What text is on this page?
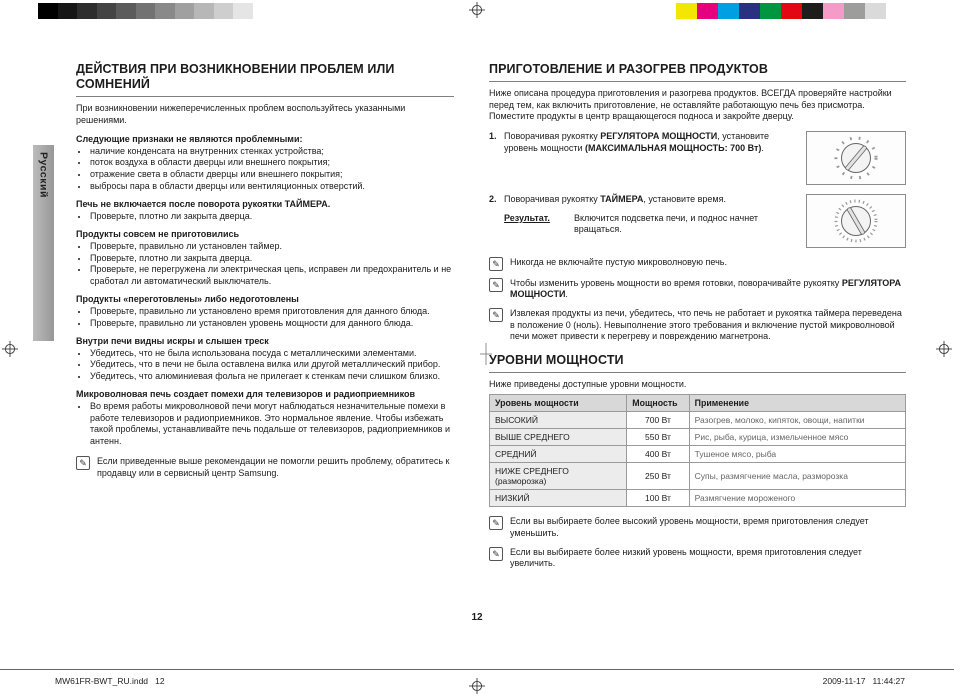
Русский
ДЕЙСТВИЯ ПРИ ВОЗНИКНОВЕНИИ ПРОБЛЕМ ИЛИ СОМНЕНИЙ

При возникновении нижеперечисленных проблем воспользуйтесь указанными решениями.

Следующие признаки не являются проблемными:
• наличие конденсата на внутренних стенках устройства;
• поток воздуха в области дверцы или внешнего покрытия;
• отражение света в области дверцы или внешнего покрытия;
• выбросы пара в области дверцы или вентиляционных отверстий.
Печь не включается после поворота рукоятки ТАЙМЕРА.
• Проверьте, плотно ли закрыта дверца.
Продукты совсем не приготовились
• Проверьте, правильно ли установлен таймер.
• Проверьте, плотно ли закрыта дверца.
• Проверьте, не перегружена ли электрическая цепь, исправен ли предохранитель и не сработал ли автоматический выключатель.
Продукты «переготовлены» либо недоготовлены
• Проверьте, правильно ли установлено время приготовления для данного блюда.
• Проверьте, правильно ли установлен уровень мощности для данного блюда.
Внутри печи видны искры и слышен треск
• Убедитесь, что не была использована посуда с металлическими элементами.
• Убедитесь, что в печи не была оставлена вилка или другой металлический прибор.
• Убедитесь, что алюминиевая фольга не прилегает к стенкам печи слишком близко.
Микроволновая печь создает помехи для телевизоров и радиоприемников
• Во время работы микроволновой печи могут наблюдаться незначительные помехи в работе телевизоров и радиоприемников. Это нормальное явление. Чтобы избежать такой проблемы, устанавливайте печь подальше от телевизоров, радиоприемников и антенн.
✎	Если приведенные выше рекомендации не помогли решить проблему, обратитесь к продавцу или в сервисный центр Samsung.
ПРИГОТОВЛЕНИЕ И РАЗОГРЕВ ПРОДУКТОВ

Ниже описана процедура приготовления и разогрева продуктов. ВСЕГДА проверяйте настройки перед тем, как включить приготовление, не оставляйте работающую печь без присмотра. Поместите продукты в центр вращающегося подноса и закройте дверцу.

1. Поворачивая рукоятку РЕГУЛЯТОРА МОЩНОСТИ, установите уровень мощности (МАКСИМАЛЬНАЯ МОЩНОСТЬ: 700 Вт).
2. Поворачивая рукоятку ТАЙМЕРА, установите время.
Результат.	Включится подсветка печи, и поднос начнет вращаться.
✎	Никогда не включайте пустую микроволновую печь.
✎	Чтобы изменить уровень мощности во время готовки, поворачивайте рукоятку РЕГУЛЯТОРА МОЩНОСТИ.
✎	Извлекая продукты из печи, убедитесь, что печь не работает и рукоятка таймера переведена в положение 0 (ноль). Невыполнение этого требования и включение пустой микроволновой печи может привести к перегреву и повреждению магнетрона.
УРОВНИ МОЩНОСТИ

Ниже приведены доступные уровни мощности.

Уровень мощности	Мощность	Применение
ВЫСОКИЙ	700 Вт	Разогрев, молоко, кипяток, овощи, напитки
ВЫШЕ СРЕДНЕГО	550 Вт	Рис, рыба, курица, измельченное мясо
СРЕДНИЙ	400 Вт	Тушеное мясо, рыба
НИЖЕ СРЕДНЕГО (разморозка)	250 Вт	Супы, размягчение масла, разморозка
НИЗКИЙ	100 Вт	Размягчение мороженого
✎	Если вы выбираете более высокий уровень мощности, время приготовления следует уменьшить.
✎	Если вы выбираете более низкий уровень мощности, время приготовления следует увеличить.
12
MW61FR-BWT_RU.indd   12	2009-11-17   11:44:27
